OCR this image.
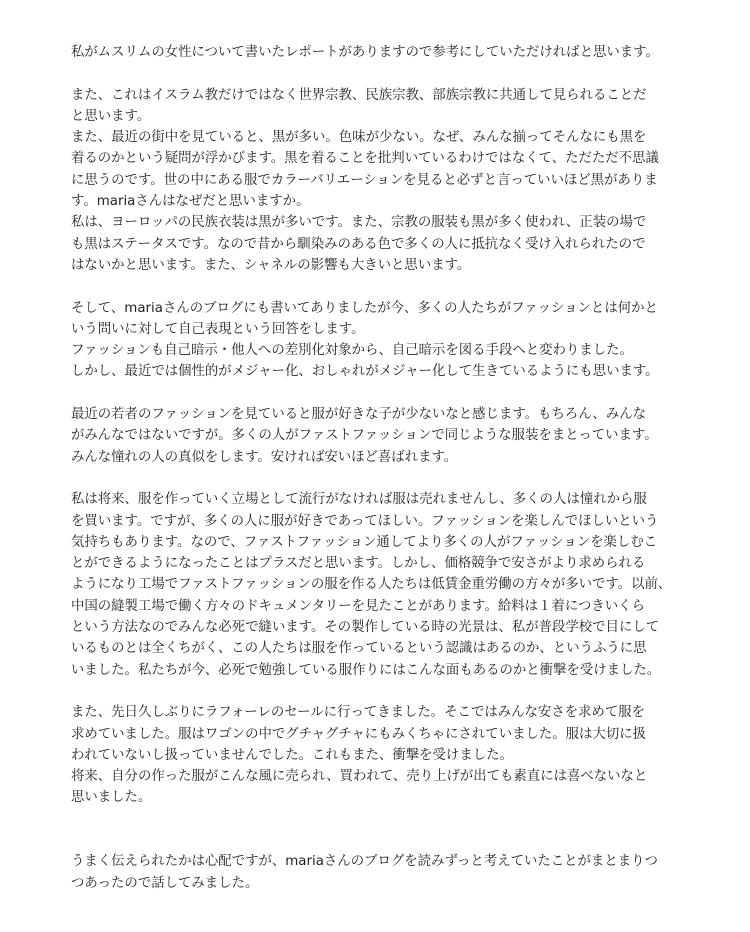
私がムスリムの女性について書いたレポートがありますので参考にしていただければと思います。
また、これはイスラム教だけではなく世界宗教、民族宗教、部族宗教に共通して見られることだ
と思います。
また、最近の街中を見ていると、黒が多い。色味が少ない。なぜ、みんな揃ってそんなにも黒を
着るのかという疑問が浮かびます。黒を着ることを批判いているわけではなくて、ただただ不思議
に思うのです。世の中にある服でカラーバリエーションを見ると必ずと言っていいほど黒がありま
す。mariaさんはなぜだと思いますか。
私は、ヨーロッパの民族衣装は黒が多いです。また、宗教の服装も黒が多く使われ、正装の場で
も黒はステータスです。なので昔から馴染みのある色で多くの人に抵抗なく受け入れられたので
はないかと思います。また、シャネルの影響も大きいと思います。
そして、mariaさんのブログにも書いてありましたが今、多くの人たちがファッションとは何かと
いう問いに対して自己表現という回答をします。
ファッションも自己暗示・他人への差別化対象から、自己暗示を図る手段へと変わりました。
しかし、最近では個性的がメジャー化、おしゃれがメジャー化して生きているようにも思います。
最近の若者のファッションを見ていると服が好きな子が少ないなと感じます。もちろん、みんな
がみんなではないですが。多くの人がファストファッションで同じような服装をまとっています。
みんな憧れの人の真似をします。安ければ安いほど喜ばれます。
私は将来、服を作っていく立場として流行がなければ服は売れませんし、多くの人は憧れから服
を買います。ですが、多くの人に服が好きであってほしい。ファッションを楽しんでほしいという
気持ちもあります。なので、ファストファッション通してより多くの人がファッションを楽しむこ
とができるようになったことはプラスだと思います。しかし、価格競争で安さがより求められる
ようになり工場でファストファッションの服を作る人たちは低賃金重労働の方々が多いです。以前、
中国の縫製工場で働く方々のドキュメンタリーを見たことがあります。給料は１着につきいくら
という方法なのでみんな必死で縫います。その製作している時の光景は、私が普段学校で目にして
いるものとは全くちがく、この人たちは服を作っているという認識はあるのか、というふうに思
いました。私たちが今、必死で勉強している服作りにはこんな面もあるのかと衝撃を受けました。
また、先日久しぶりにラフォーレのセールに行ってきました。そこではみんな安さを求めて服を
求めていました。服はワゴンの中でグチャグチャにもみくちゃにされていました。服は大切に扱
われていないし扱っていませんでした。これもまた、衝撃を受けました。
将来、自分の作った服がこんな風に売られ、買われて、売り上げが出ても素直には喜べないなと
思いました。
うまく伝えられたかは心配ですが、mariaさんのブログを読みずっと考えていたことがまとまりつ
つあったので話してみました。
